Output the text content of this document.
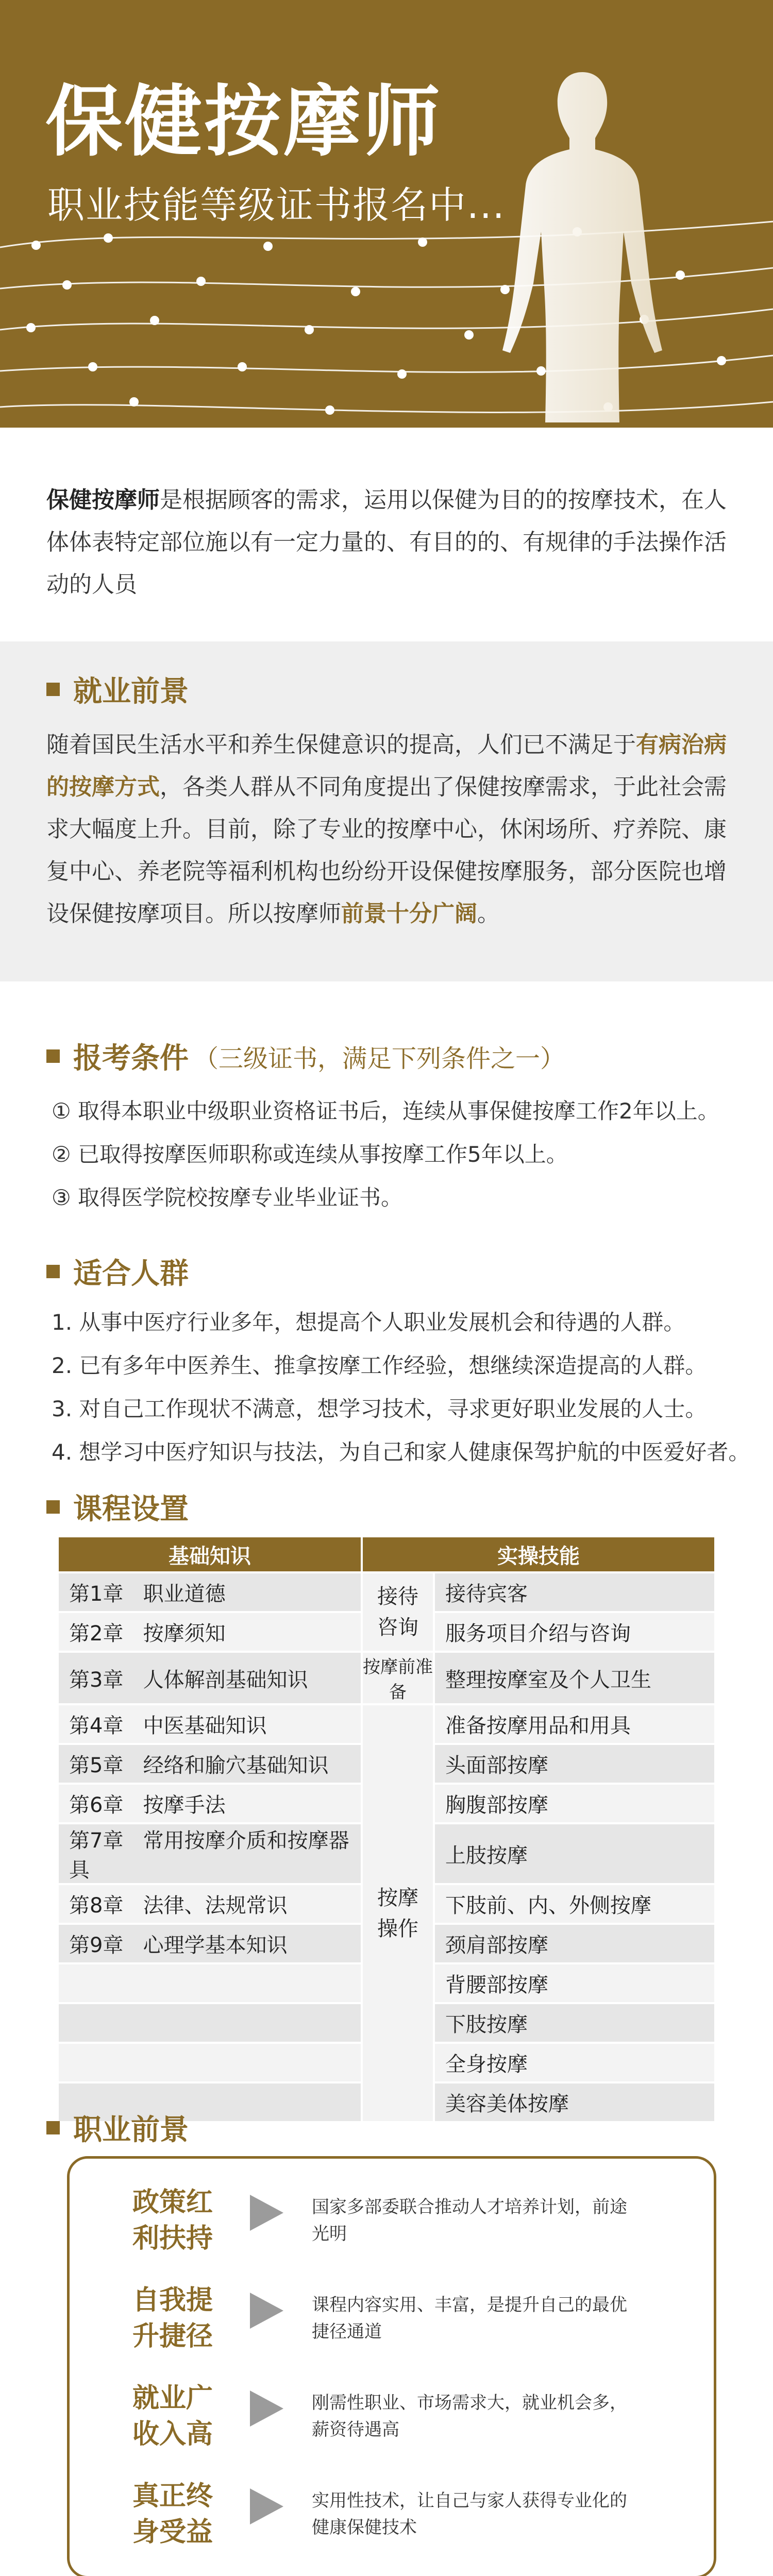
保健按摩师
职业技能等级证书报名中...
保健按摩师是根据顾客的需求，运用以保健为目的的按摩技术，在人体体表特定部位施以有一定力量的、有目的的、有规律的手法操作活动的人员
就业前景
随着国民生活水平和养生保健意识的提高，人们已不满足于有病治病的按摩方式，各类人群从不同角度提出了保健按摩需求，于此社会需求大幅度上升。目前，除了专业的按摩中心，休闲场所、疗养院、康复中心、养老院等福利机构也纷纷开设保健按摩服务，部分医院也增设保健按摩项目。所以按摩师前景十分广阔。
报考条件 （三级证书，满足下列条件之一）
① 取得本职业中级职业资格证书后，连续从事保健按摩工作2年以上。
② 已取得按摩医师职称或连续从事按摩工作5年以上。
③ 取得医学院校按摩专业毕业证书。
适合人群
1. 从事中医疗行业多年，想提高个人职业发展机会和待遇的人群。
2. 已有多年中医养生、推拿按摩工作经验，想继续深造提高的人群。
3. 对自己工作现状不满意，想学习技术，寻求更好职业发展的人士。
4. 想学习中医疗知识与技法，为自己和家人健康保驾护航的中医爱好者。
课程设置
基础知识	实操技能	
第1章 职业道德	接待咨询	接待宾客
第2章 按摩须知		服务项目介绍与咨询
第3章 人体解剖基础知识	按摩前准备	整理按摩室及个人卫生
第4章 中医基础知识	按摩操作	准备按摩用品和用具
第5章 经络和腧穴基础知识		头面部按摩
第6章 按摩手法		胸腹部按摩
第7章 常用按摩介质和按摩器具		上肢按摩
第8章 法律、法规常识		下肢前、内、外侧按摩
第9章 心理学基本知识		颈肩部按摩
		背腰部按摩
		下肢按摩
		全身按摩
		美容美体按摩
职业前景
政策红利扶持
国家多部委联合推动人才培养计划，前途光明
自我提升捷径
课程内容实用、丰富，是提升自己的最优捷径通道
就业广收入高
刚需性职业、市场需求大，就业机会多，薪资待遇高
真正终身受益
实用性技术，让自己与家人获得专业化的健康保健技术
